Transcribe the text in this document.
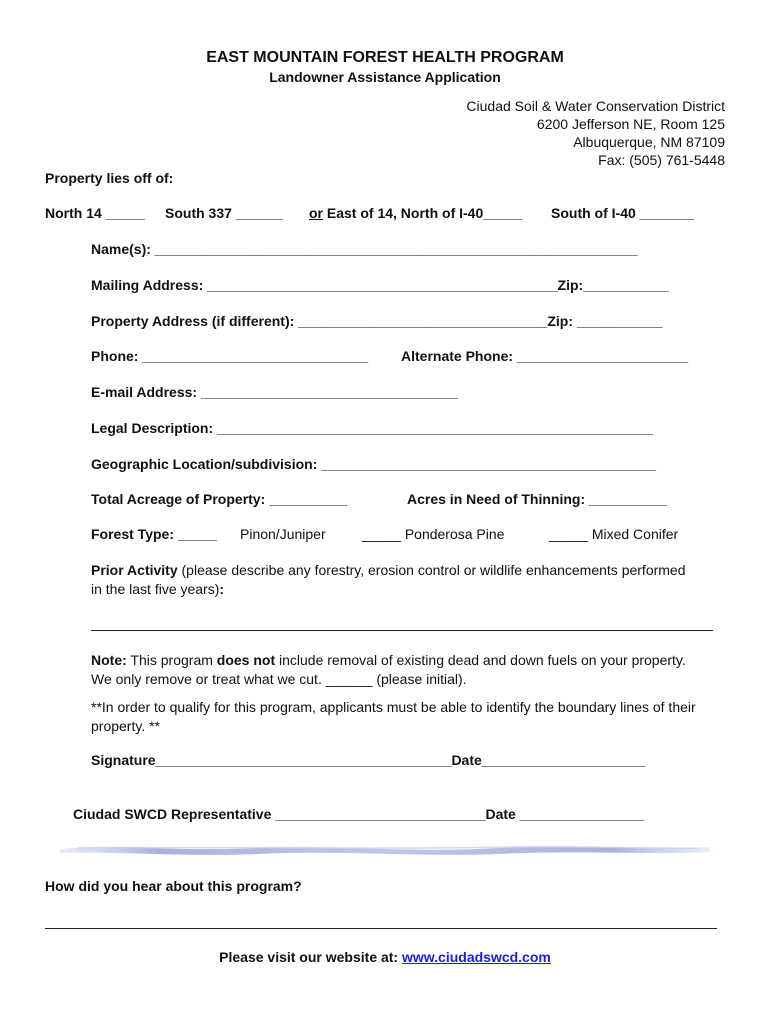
EAST MOUNTAIN FOREST HEALTH PROGRAM
Landowner Assistance Application
Ciudad Soil & Water Conservation District
6200 Jefferson NE, Room 125
Albuquerque, NM 87109
Fax: (505) 761-5448
Property lies off of:
North 14 _____ South 337 ______ or East of 14, North of I-40_____ South of I-40 _______
Name(s): ______________________________________________________________
Mailing Address: _____________________________________________Zip:___________
Property Address (if different): ________________________________Zip: ___________
Phone: _____________________________ Alternate Phone: ______________________
E-mail Address: _________________________________
Legal Description: ________________________________________________________
Geographic Location/subdivision: ___________________________________________
Total Acreage of Property: __________	Acres in Need of Thinning: __________
Forest Type: _____ Pinon/Juniper	_____ Ponderosa Pine	_____ Mixed Conifer
Prior Activity (please describe any forestry, erosion control or wildlife enhancements performed in the last five years):
Note: This program does not include removal of existing dead and down fuels on your property. We only remove or treat what we cut. ______ (please initial).
**In order to qualify for this program, applicants must be able to identify the boundary lines of their property. **
Signature______________________________________Date_____________________
Ciudad SWCD Representative ___________________________Date ________________
How did you hear about this program?
Please visit our website at: www.ciudadswcd.com
